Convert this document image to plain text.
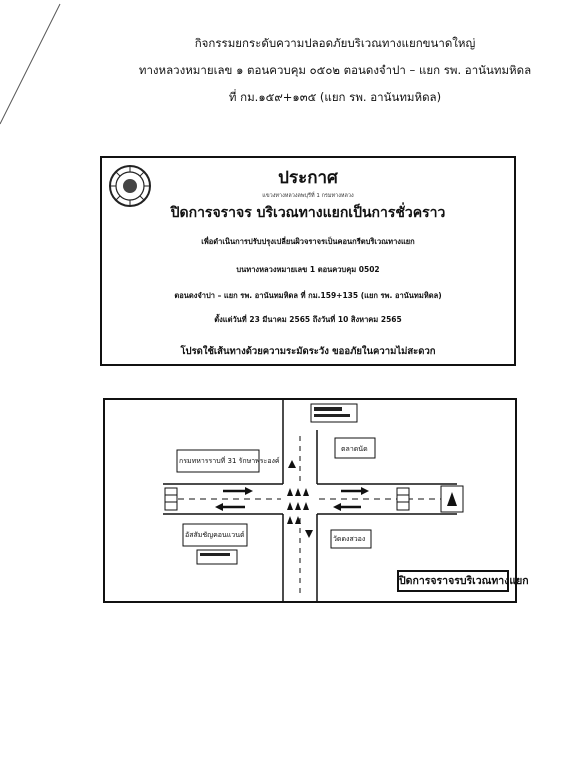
กิจกรรมยกระดับความปลอดภัยบริเวณทางแยกขนาดใหญ่
ทางหลวงหมายเลข ๑ ตอนควบคุม ๐๕๐๒ ตอนดงจำปา – แยก รพ. อานันทมหิดล
ที่ กม.๑๕๙+๑๓๕ (แยก รพ. อานันทมหิดล)
ประกาศ
แขวงทางหลวงลพบุรีที่ 1 กรมทางหลวง
ปิดการจราจร บริเวณทางแยกเป็นการชั่วคราว
เพื่อดำเนินการปรับปรุงเปลี่ยนผิวจราจรเป็นคอนกรีตบริเวณทางแยก
บนทางหลวงหมายเลข 1 ตอนควบคุม 0502
ตอนดงจำปา – แยก รพ. อานันทมหิดล ที่ กม.159+135 (แยก รพ. อานันทมหิดล)
ตั้งแต่วันที่ 23 มีนาคม 2565 ถึงวันที่ 10 สิงหาคม 2565
โปรดใช้เส้นทางด้วยความระมัดระวัง ขออภัยในความไม่สะดวก
กรมทหารราบที่ 31 รักษาพระองค์
ตลาดนัด
อัสสัมชัญคอนแวนต์	วัดดงสวอง
ปิดการจราจรบริเวณทางแยก
